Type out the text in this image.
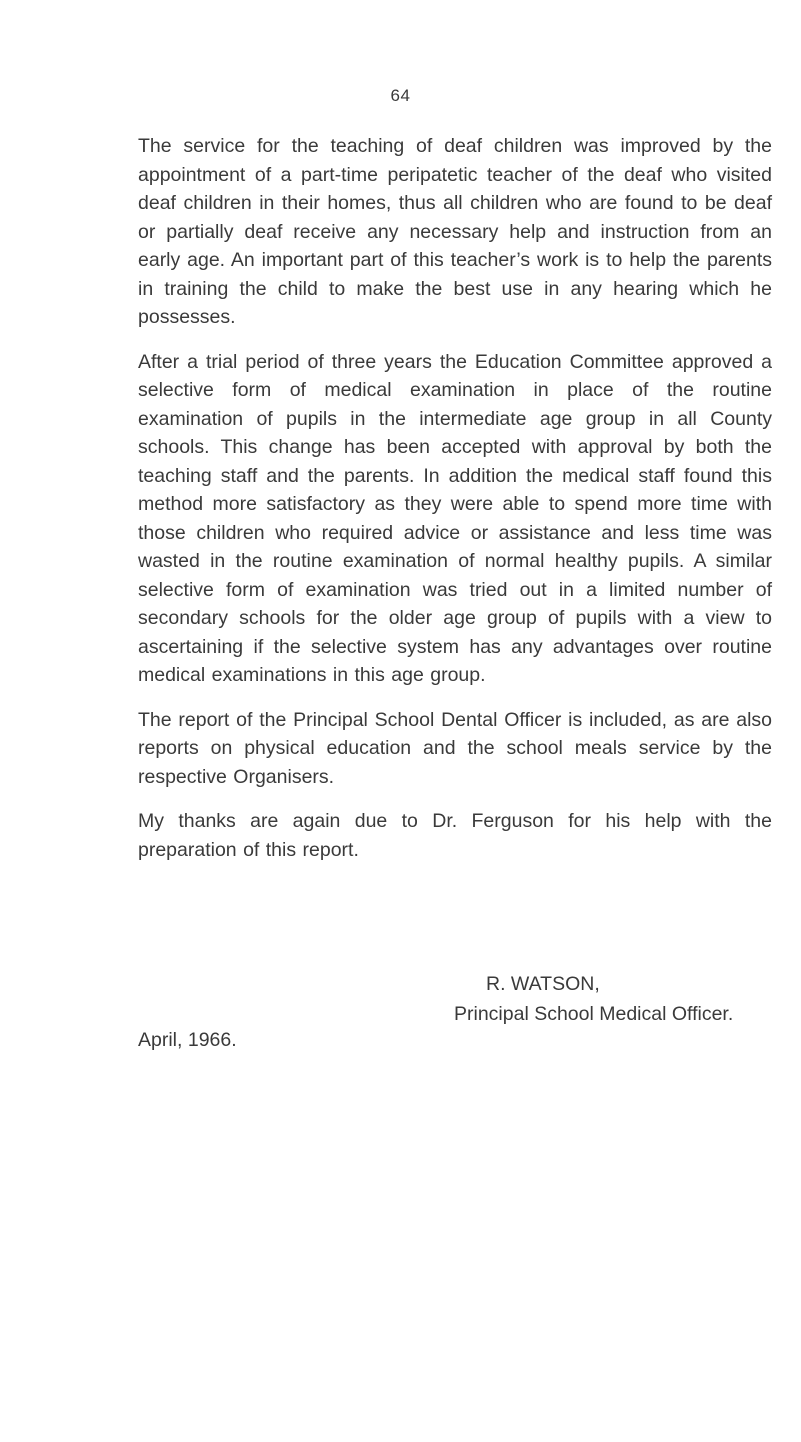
64

The service for the teaching of deaf children was improved by the appointment of a part-time peripatetic teacher of the deaf who visited deaf children in their homes, thus all children who are found to be deaf or partially deaf receive any necessary help and instruction from an early age. An important part of this teacher’s work is to help the parents in training the child to make the best use in any hearing which he possesses.

After a trial period of three years the Education Committee approved a selective form of medical examination in place of the routine examination of pupils in the intermediate age group in all County schools. This change has been accepted with approval by both the teaching staff and the parents. In addition the medical staff found this method more satisfactory as they were able to spend more time with those children who required advice or assistance and less time was wasted in the routine examination of normal healthy pupils. A similar selective form of examination was tried out in a limited number of secondary schools for the older age group of pupils with a view to ascertaining if the selective system has any advantages over routine medical examinations in this age group.

The report of the Principal School Dental Officer is included, as are also reports on physical education and the school meals service by the respective Organisers.

My thanks are again due to Dr. Ferguson for his help with the preparation of this report.

R. WATSON,
Principal School Medical Officer.
April, 1966.
